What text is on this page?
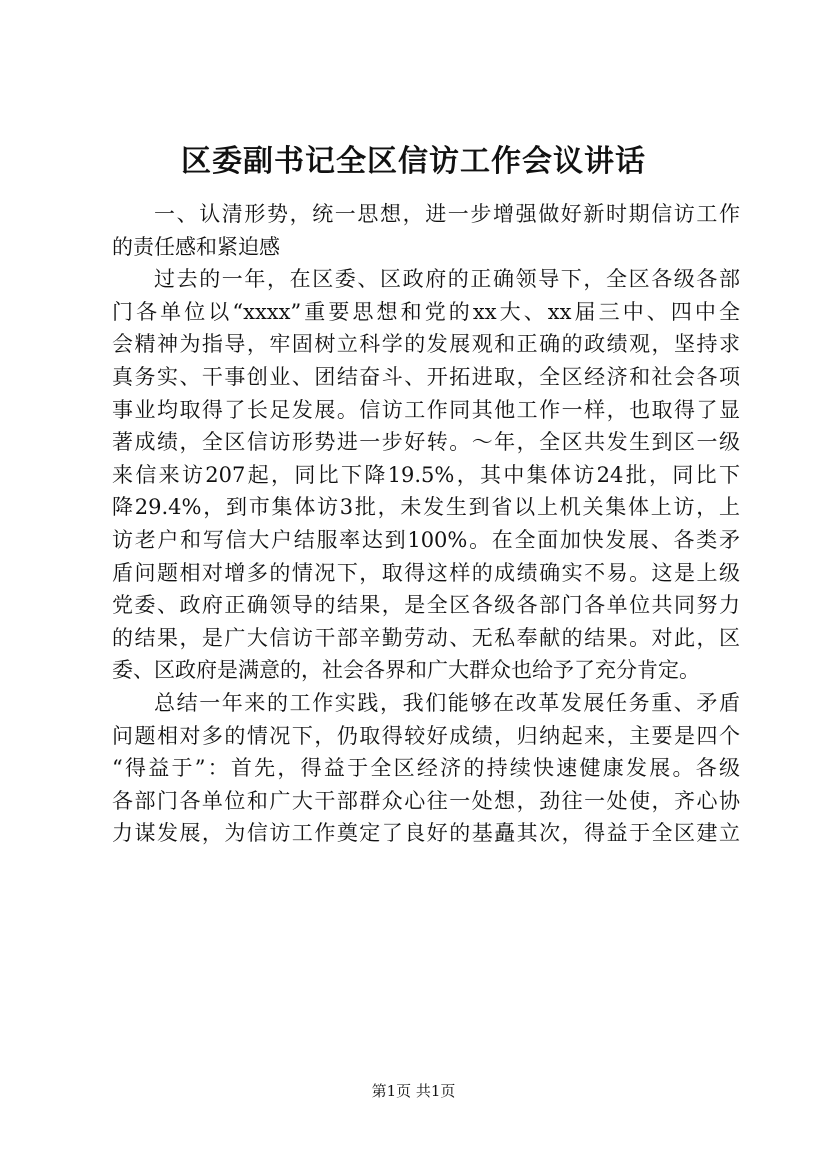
区委副书记全区信访工作会议讲话
一、认清形势，统一思想，进一步增强做好新时期信访工作
的责任感和紧迫感
过去的一年，在区委、区政府的正确领导下，全区各级各部
门各单位以“xxxx”重要思想和党的xx大、xx届三中、四中全
会精神为指导，牢固树立科学的发展观和正确的政绩观，坚持求
真务实、干事创业、团结奋斗、开拓进取，全区经济和社会各项
事业均取得了长足发展。信访工作同其他工作一样，也取得了显
著成绩，全区信访形势进一步好转。～年，全区共发生到区一级
来信来访207起，同比下降19.5%，其中集体访24批，同比下
降29.4%，到市集体访3批，未发生到省以上机关集体上访，上
访老户和写信大户结服率达到100%。在全面加快发展、各类矛
盾问题相对增多的情况下，取得这样的成绩确实不易。这是上级
党委、政府正确领导的结果，是全区各级各部门各单位共同努力
的结果，是广大信访干部辛勤劳动、无私奉献的结果。对此，区
委、区政府是满意的，社会各界和广大群众也给予了充分肯定。
总结一年来的工作实践，我们能够在改革发展任务重、矛盾
问题相对多的情况下，仍取得较好成绩，归纳起来，主要是四个
“得益于”：首先，得益于全区经济的持续快速健康发展。各级
各部门各单位和广大干部群众心往一处想，劲往一处使，齐心协
力谋发展，为信访工作奠定了良好的基矗其次，得益于全区建立
第1页 共1页
